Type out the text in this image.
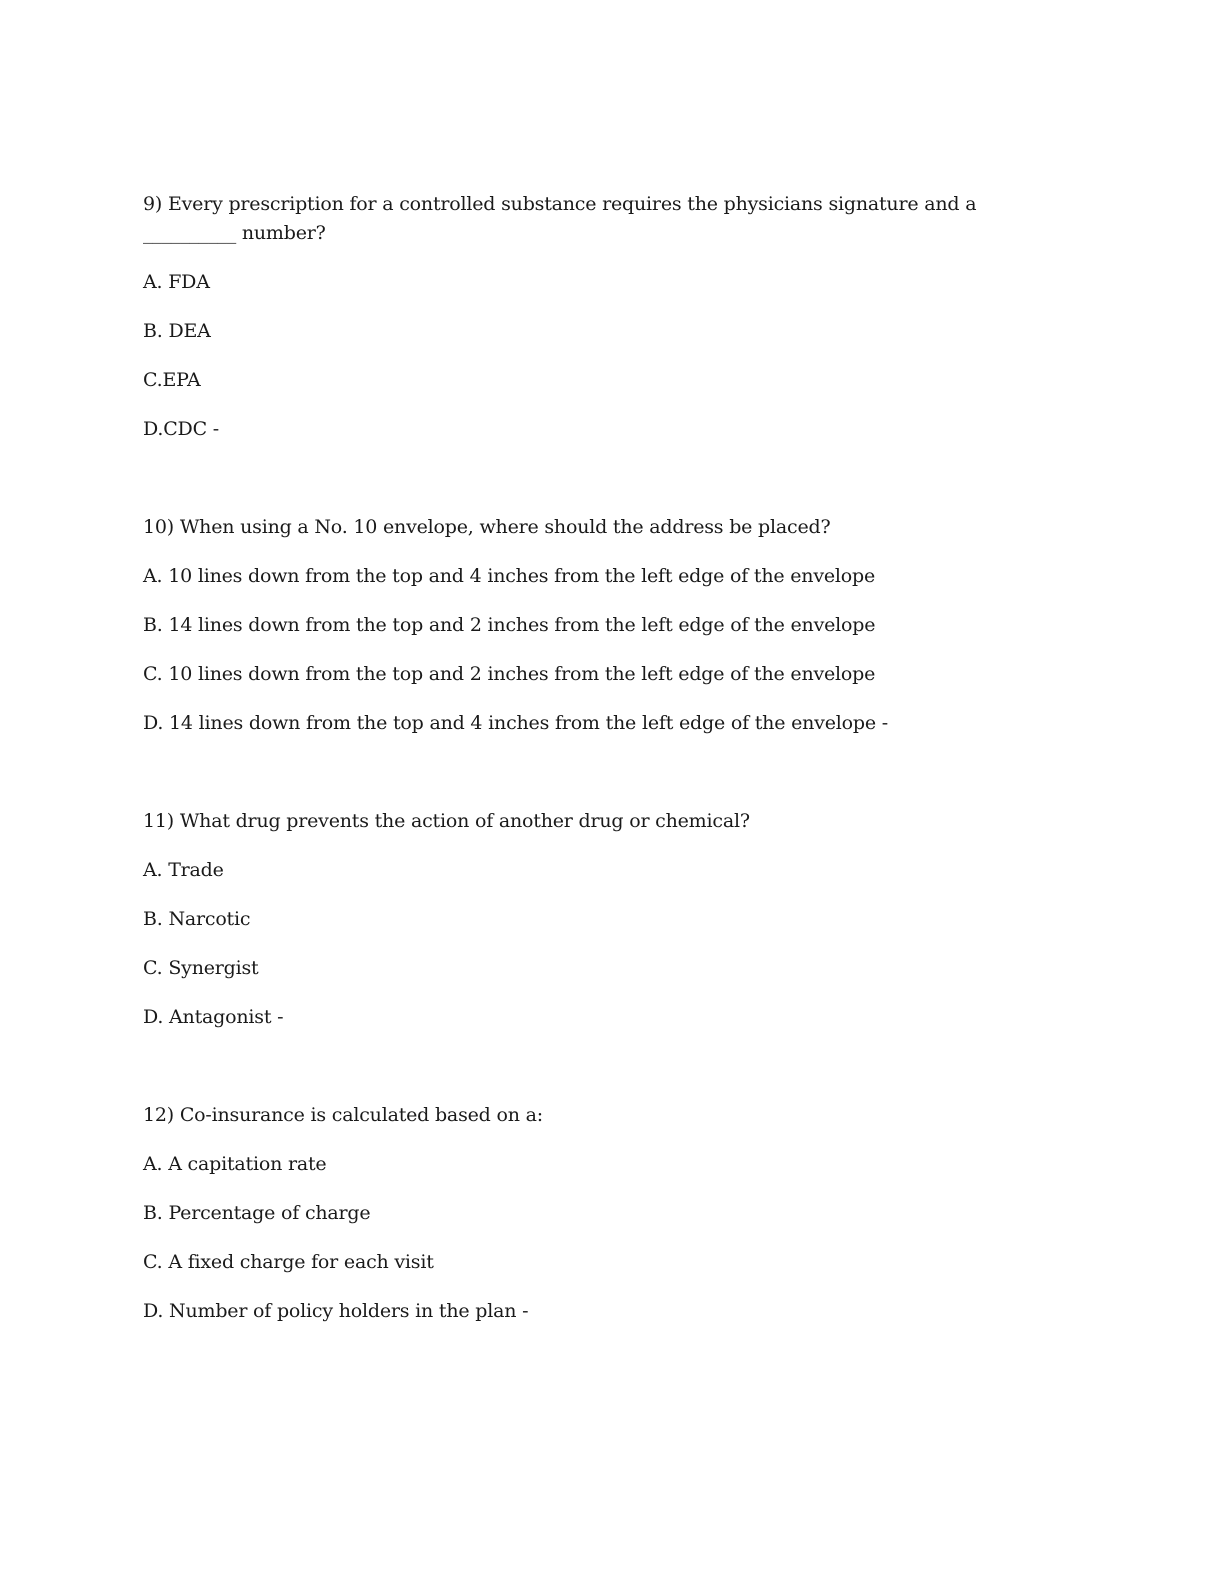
9) Every prescription for a controlled substance requires the physicians signature and a __________ number?

A. FDA

B. DEA

C.EPA

D.CDC -

10) When using a No. 10 envelope, where should the address be placed?

A. 10 lines down from the top and 4 inches from the left edge of the envelope

B. 14 lines down from the top and 2 inches from the left edge of the envelope

C. 10 lines down from the top and 2 inches from the left edge of the envelope

D. 14 lines down from the top and 4 inches from the left edge of the envelope -

11) What drug prevents the action of another drug or chemical?

A. Trade

B. Narcotic

C. Synergist

D. Antagonist -

12) Co-insurance is calculated based on a:

A. A capitation rate

B. Percentage of charge

C. A fixed charge for each visit

D. Number of policy holders in the plan -
